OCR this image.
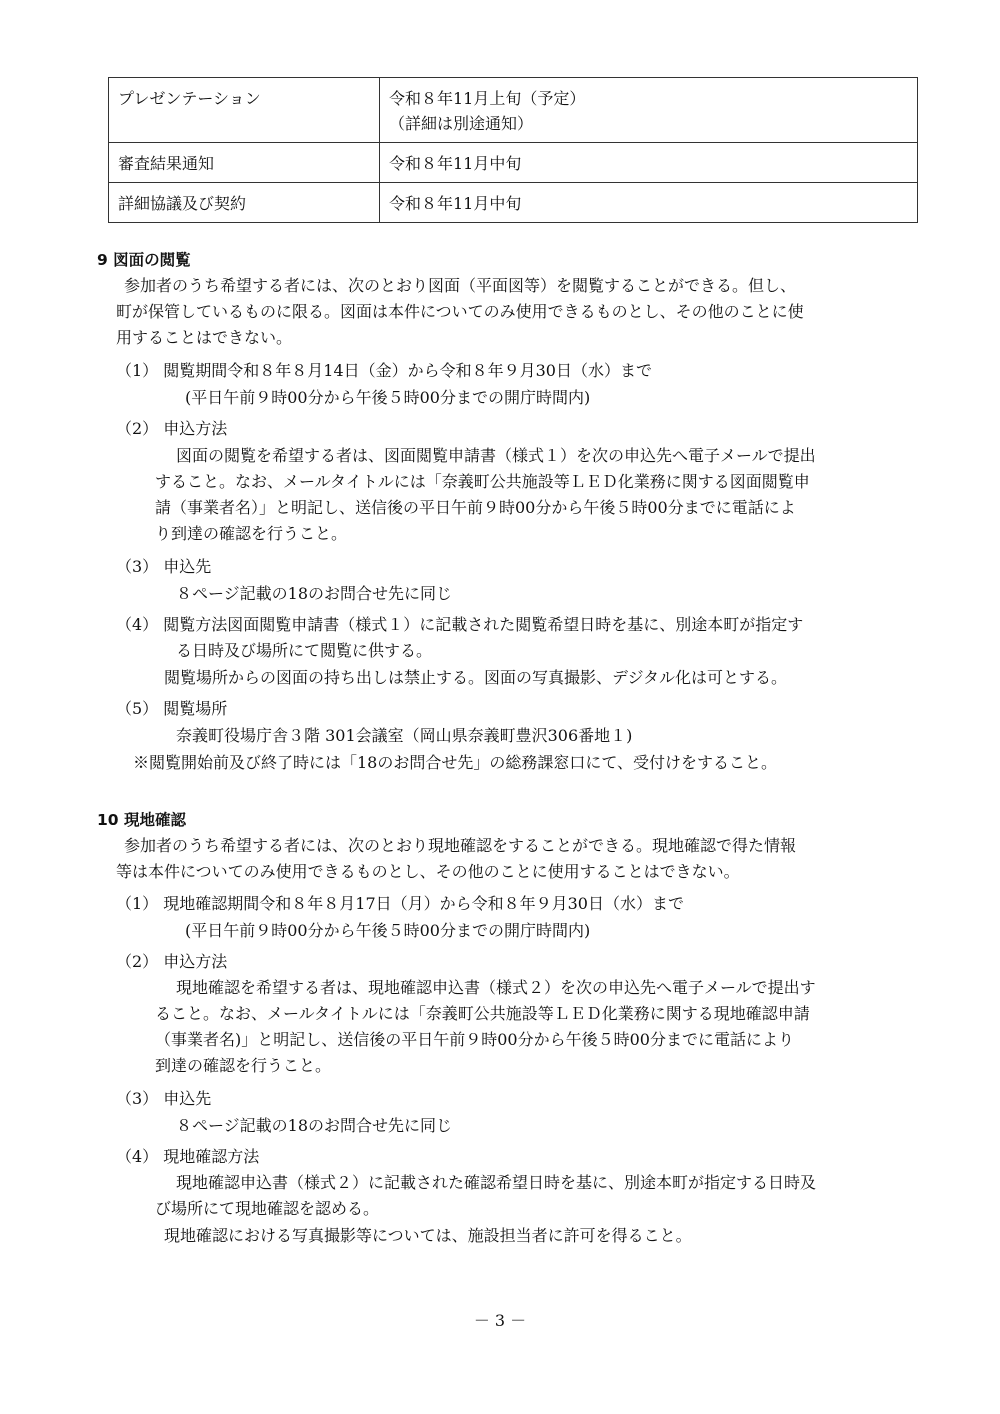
プレゼンテーション	令和８年11月上旬（予定）
（詳細は別途通知）

審査結果通知	令和８年11月中旬

詳細協議及び契約	令和８年11月中旬
9 図面の閲覧
参加者のうち希望する者には、次のとおり図面（平面図等）を閲覧することができる。但し、
町が保管しているものに限る。図面は本件についてのみ使用できるものとし、その他のことに使
用することはできない。
（1） 閲覧期間令和８年８月14日（金）から令和８年９月30日（水）まで
(平日午前９時00分から午後５時00分までの開庁時間内)
（2） 申込方法
図面の閲覧を希望する者は、図面閲覧申請書（様式１）を次の申込先へ電子メールで提出
すること。なお、メールタイトルには「奈義町公共施設等ＬＥＤ化業務に関する図面閲覧申
請（事業者名）」と明記し、送信後の平日午前９時00分から午後５時00分までに電話によ
り到達の確認を行うこと。
（3） 申込先
８ページ記載の18のお問合せ先に同じ
（4） 閲覧方法図面閲覧申請書（様式１）に記載された閲覧希望日時を基に、別途本町が指定す
る日時及び場所にて閲覧に供する。
閲覧場所からの図面の持ち出しは禁止する。図面の写真撮影、デジタル化は可とする。
（5） 閲覧場所
奈義町役場庁舎３階 301会議室（岡山県奈義町豊沢306番地１)
※閲覧開始前及び終了時には「18のお問合せ先」の総務課窓口にて、受付けをすること。
10 現地確認
参加者のうち希望する者には、次のとおり現地確認をすることができる。現地確認で得た情報
等は本件についてのみ使用できるものとし、その他のことに使用することはできない。
（1） 現地確認期間令和８年８月17日（月）から令和８年９月30日（水）まで
(平日午前９時00分から午後５時00分までの開庁時間内)
（2） 申込方法
現地確認を希望する者は、現地確認申込書（様式２）を次の申込先へ電子メールで提出す
ること。なお、メールタイトルには「奈義町公共施設等ＬＥＤ化業務に関する現地確認申請
（事業者名)」と明記し、送信後の平日午前９時00分から午後５時00分までに電話により
到達の確認を行うこと。
（3） 申込先
８ページ記載の18のお問合せ先に同じ
（4） 現地確認方法
現地確認申込書（様式２）に記載された確認希望日時を基に、別途本町が指定する日時及
び場所にて現地確認を認める。
現地確認における写真撮影等については、施設担当者に許可を得ること。
－ 3 －
